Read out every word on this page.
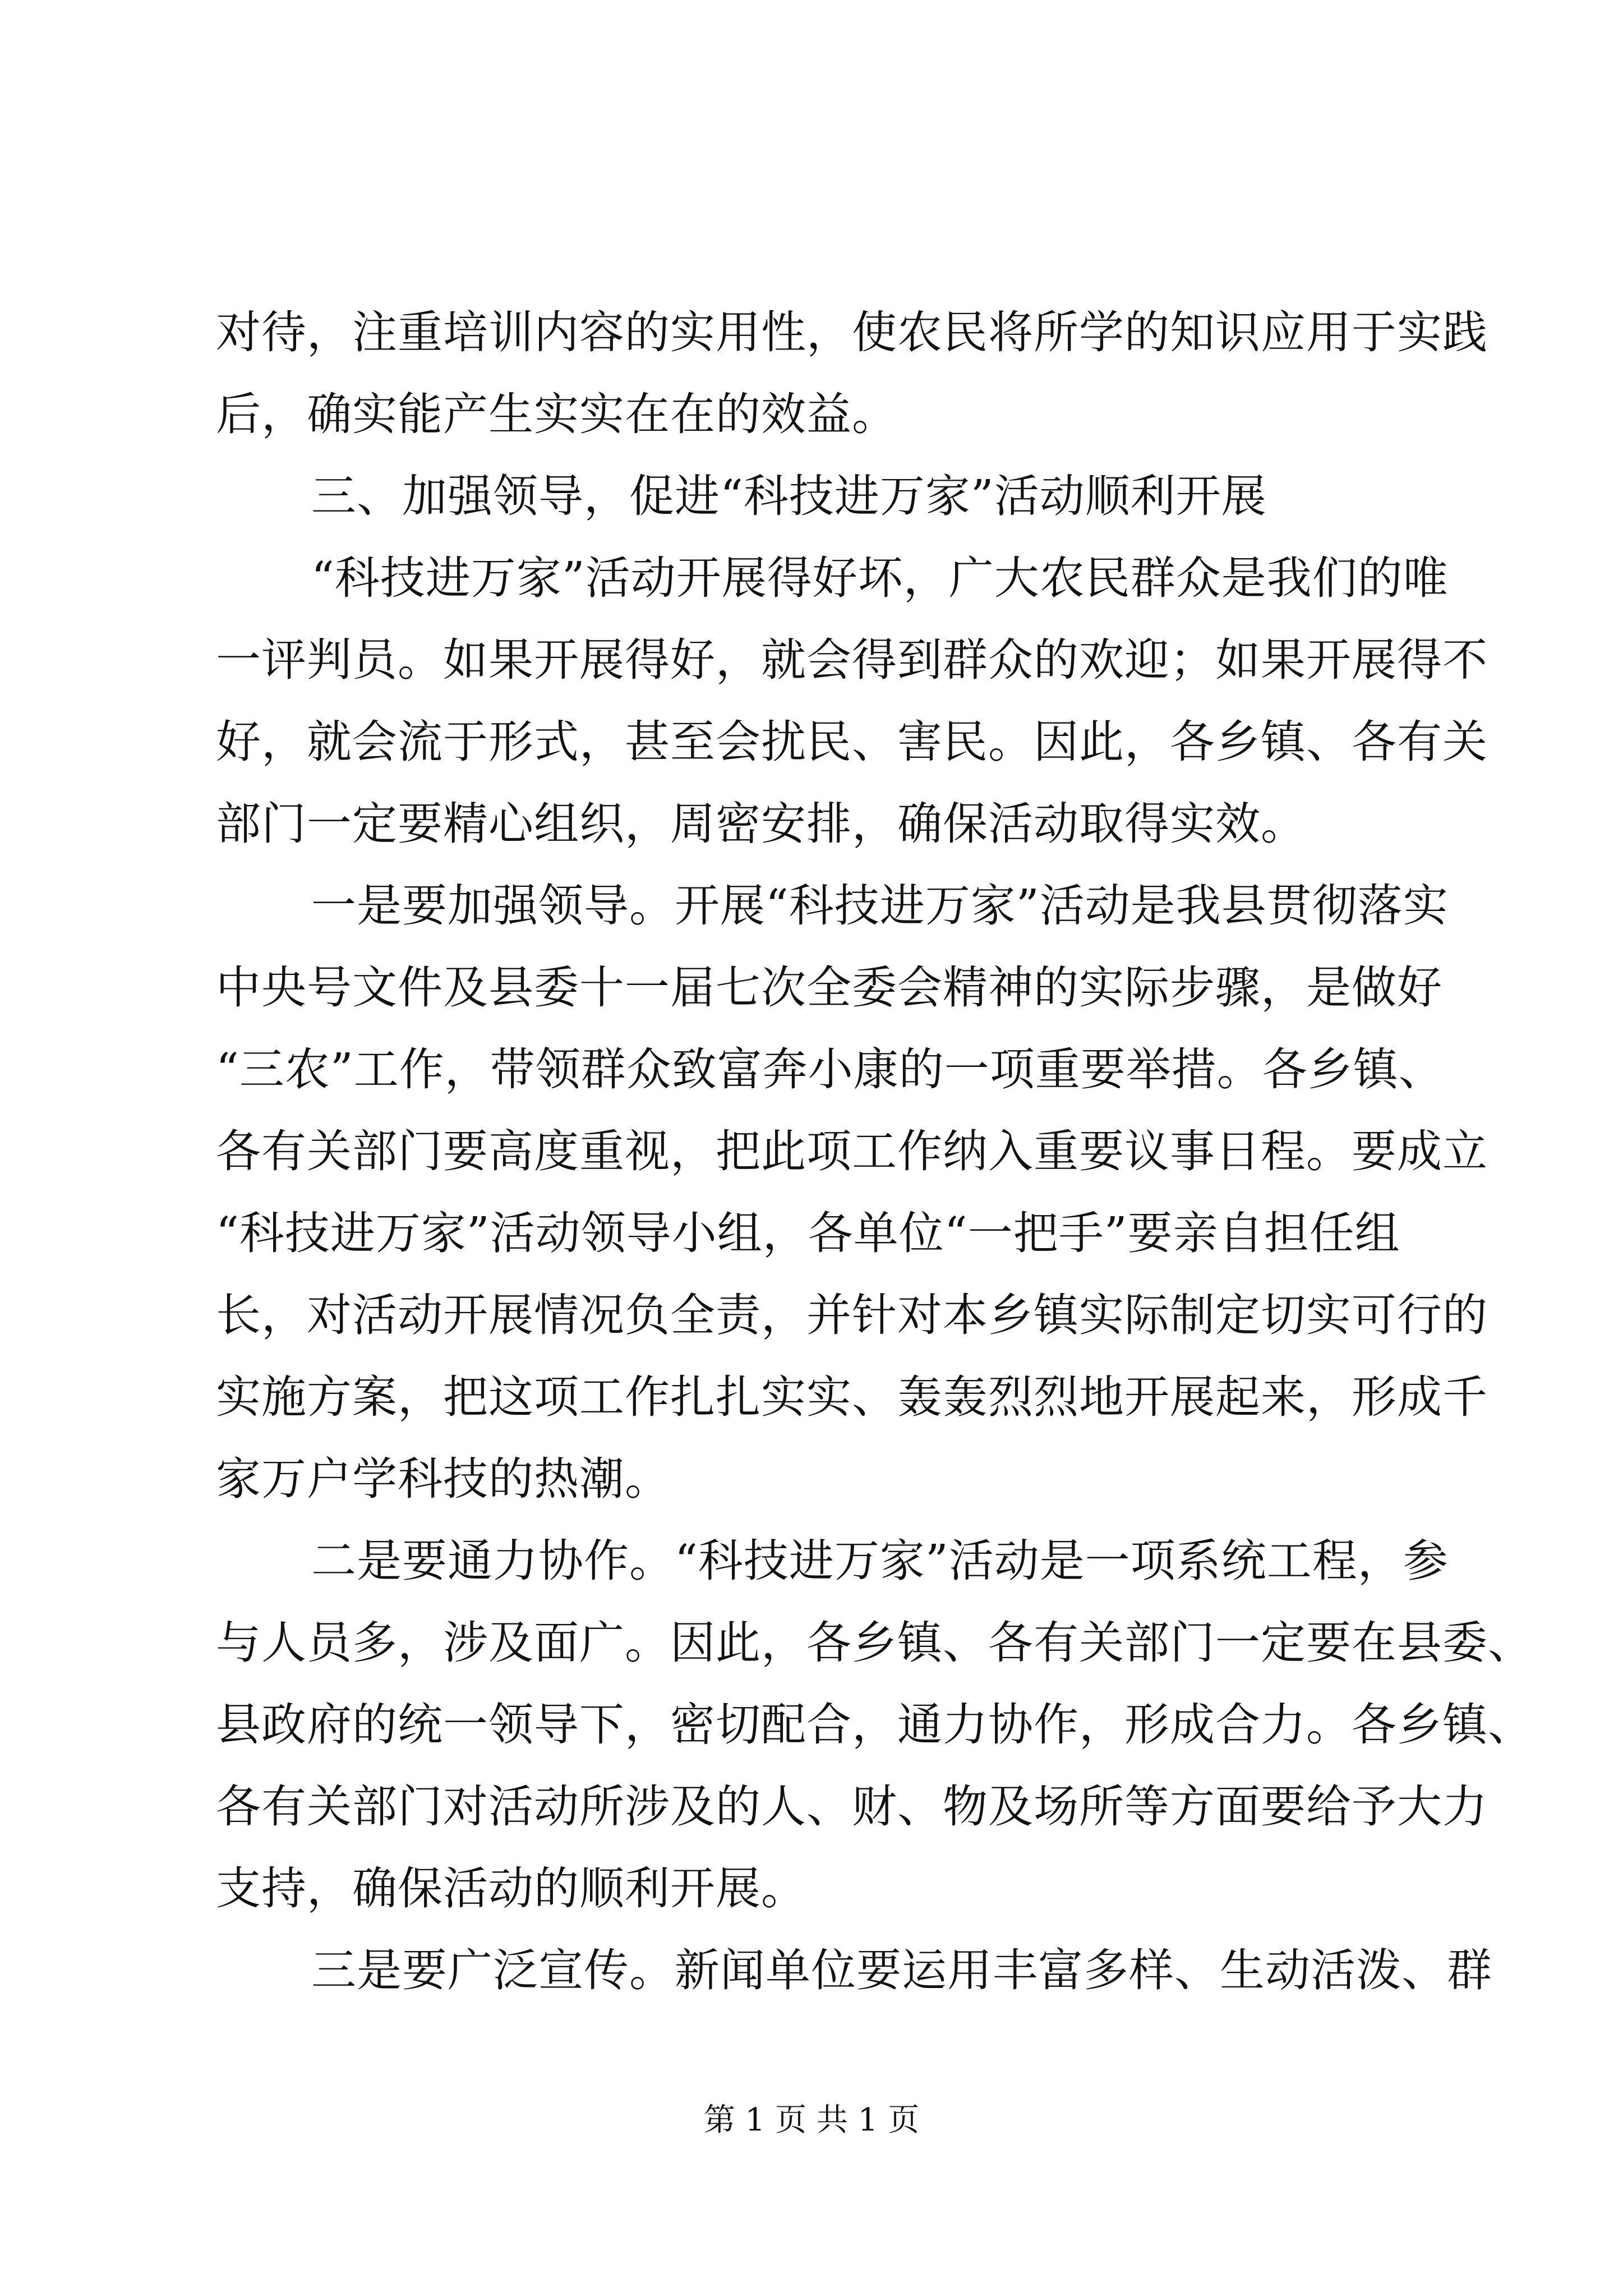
对待，注重培训内容的实用性，使农民将所学的知识应用于实践
后，确实能产生实实在在的效益。
三、加强领导，促进“科技进万家”活动顺利开展
“科技进万家”活动开展得好坏，广大农民群众是我们的唯
一评判员。如果开展得好，就会得到群众的欢迎；如果开展得不
好，就会流于形式，甚至会扰民、害民。因此，各乡镇、各有关
部门一定要精心组织，周密安排，确保活动取得实效。
一是要加强领导。开展“科技进万家”活动是我县贯彻落实
中央号文件及县委十一届七次全委会精神的实际步骤，是做好
“三农”工作，带领群众致富奔小康的一项重要举措。各乡镇、
各有关部门要高度重视，把此项工作纳入重要议事日程。要成立
“科技进万家”活动领导小组，各单位“一把手”要亲自担任组
长，对活动开展情况负全责，并针对本乡镇实际制定切实可行的
实施方案，把这项工作扎扎实实、轰轰烈烈地开展起来，形成千
家万户学科技的热潮。
二是要通力协作。“科技进万家”活动是一项系统工程，参
与人员多，涉及面广。因此，各乡镇、各有关部门一定要在县委、
县政府的统一领导下，密切配合，通力协作，形成合力。各乡镇、
各有关部门对活动所涉及的人、财、物及场所等方面要给予大力
支持，确保活动的顺利开展。
三是要广泛宣传。新闻单位要运用丰富多样、生动活泼、群
第 1 页 共 1 页
